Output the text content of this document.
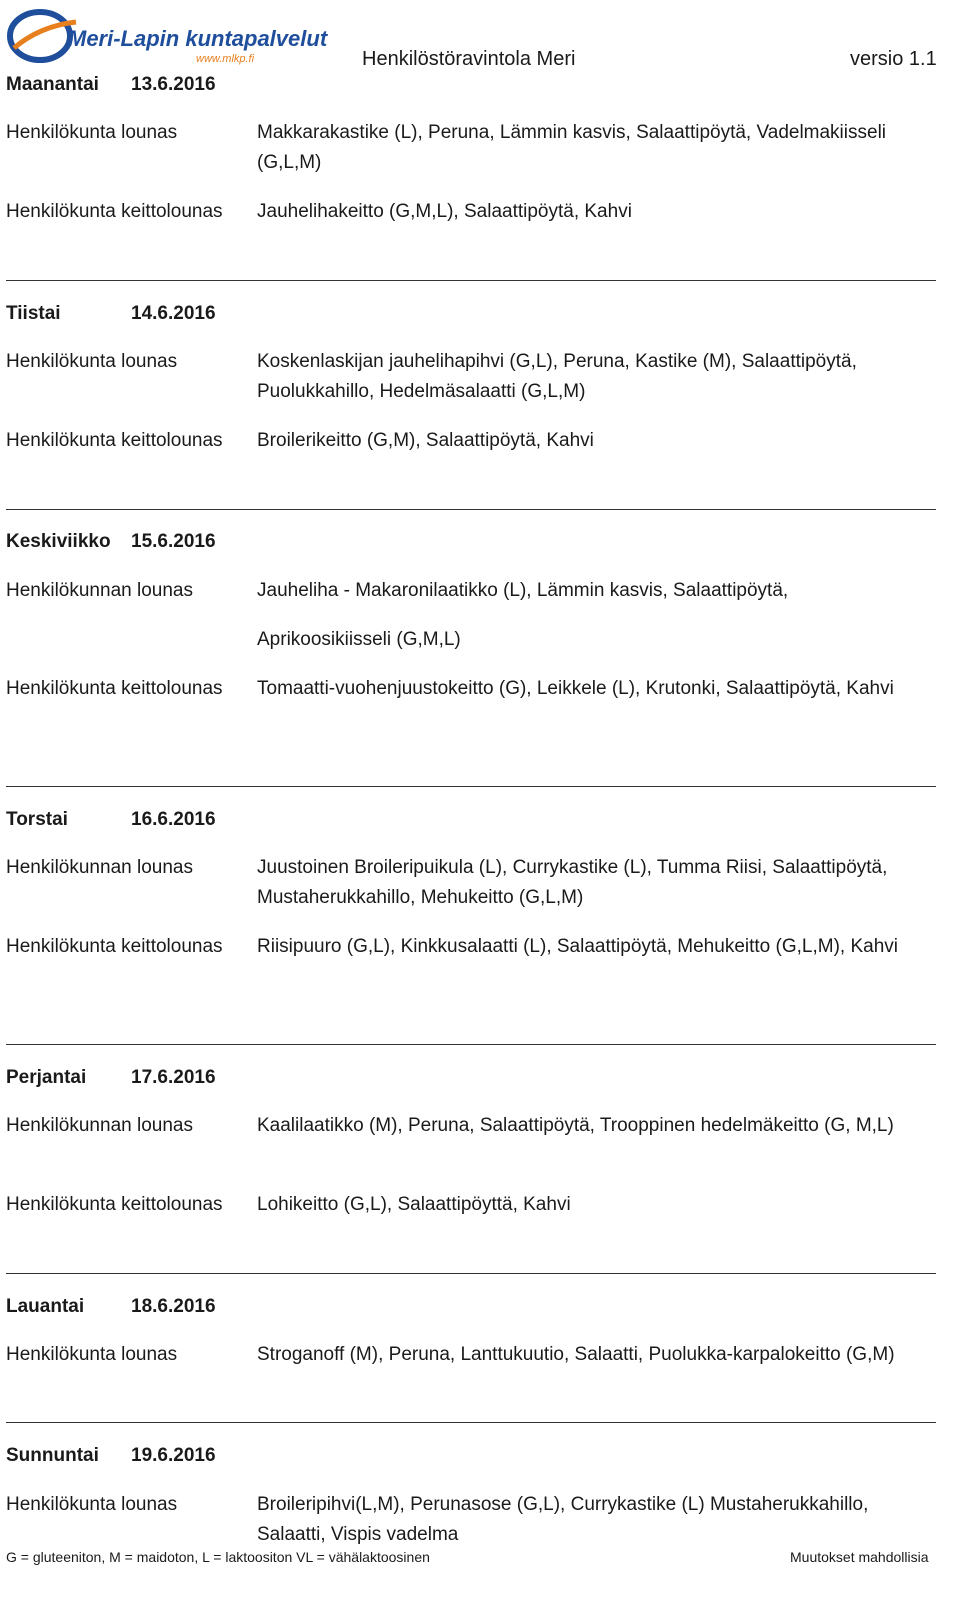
Meri-Lapin kuntapalvelut
www.mlkp.fi	Henkilöstöravintola Meri	versio 1.1
Maanantai 13.6.2016
Henkilökunta lounas	Makkarakastike (L), Peruna, Lämmin kasvis, Salaattipöytä, Vadelmakiisseli (G,L,M)
Henkilökunta keittolounas Jauhelihakeitto (G,M,L), Salaattipöytä, Kahvi
Tiistai	14.6.2016
Henkilökunta lounas	Koskenlaskijan jauhelihapihvi (G,L), Peruna, Kastike (M), Salaattipöytä, Puolukkahillo, Hedelmäsalaatti (G,L,M)
Henkilökunta keittolounas Broilerikeitto (G,M), Salaattipöytä, Kahvi
Keskiviikko 15.6.2016
Henkilökunnan lounas	Jauheliha - Makaronilaatikko (L), Lämmin kasvis, Salaattipöytä,
Aprikoosikiisseli (G,M,L)
Henkilökunta keittolounas Tomaatti-vuohenjuustokeitto (G), Leikkele (L), Krutonki, Salaattipöytä, Kahvi
Torstai	16.6.2016
Henkilökunnan lounas	Juustoinen Broileripuikula (L), Currykastike (L), Tumma Riisi, Salaattipöytä, Mustaherukkahillo, Mehukeitto (G,L,M)
Henkilökunta keittolounas Riisipuuro (G,L), Kinkkusalaatti (L), Salaattipöytä, Mehukeitto (G,L,M), Kahvi
Perjantai 17.6.2016
Henkilökunnan lounas	Kaalilaatikko (M), Peruna, Salaattipöytä, Trooppinen hedelmäkeitto (G, M,L)
Henkilökunta keittolounas Lohikeitto (G,L), Salaattipöyttä, Kahvi
Lauantai 18.6.2016
Henkilökunta lounas	Stroganoff (M), Peruna, Lanttukuutio, Salaatti, Puolukka-karpalokeitto (G,M)
Sunnuntai 19.6.2016
Henkilökunta lounas	Broileripihvi(L,M), Perunasose (G,L), Currykastike (L) Mustaherukkahillo, Salaatti, Vispis vadelma
G = gluteeniton, M = maidoton, L = laktoositon VL = vähälaktoosinen	Muutokset mahdollisia
